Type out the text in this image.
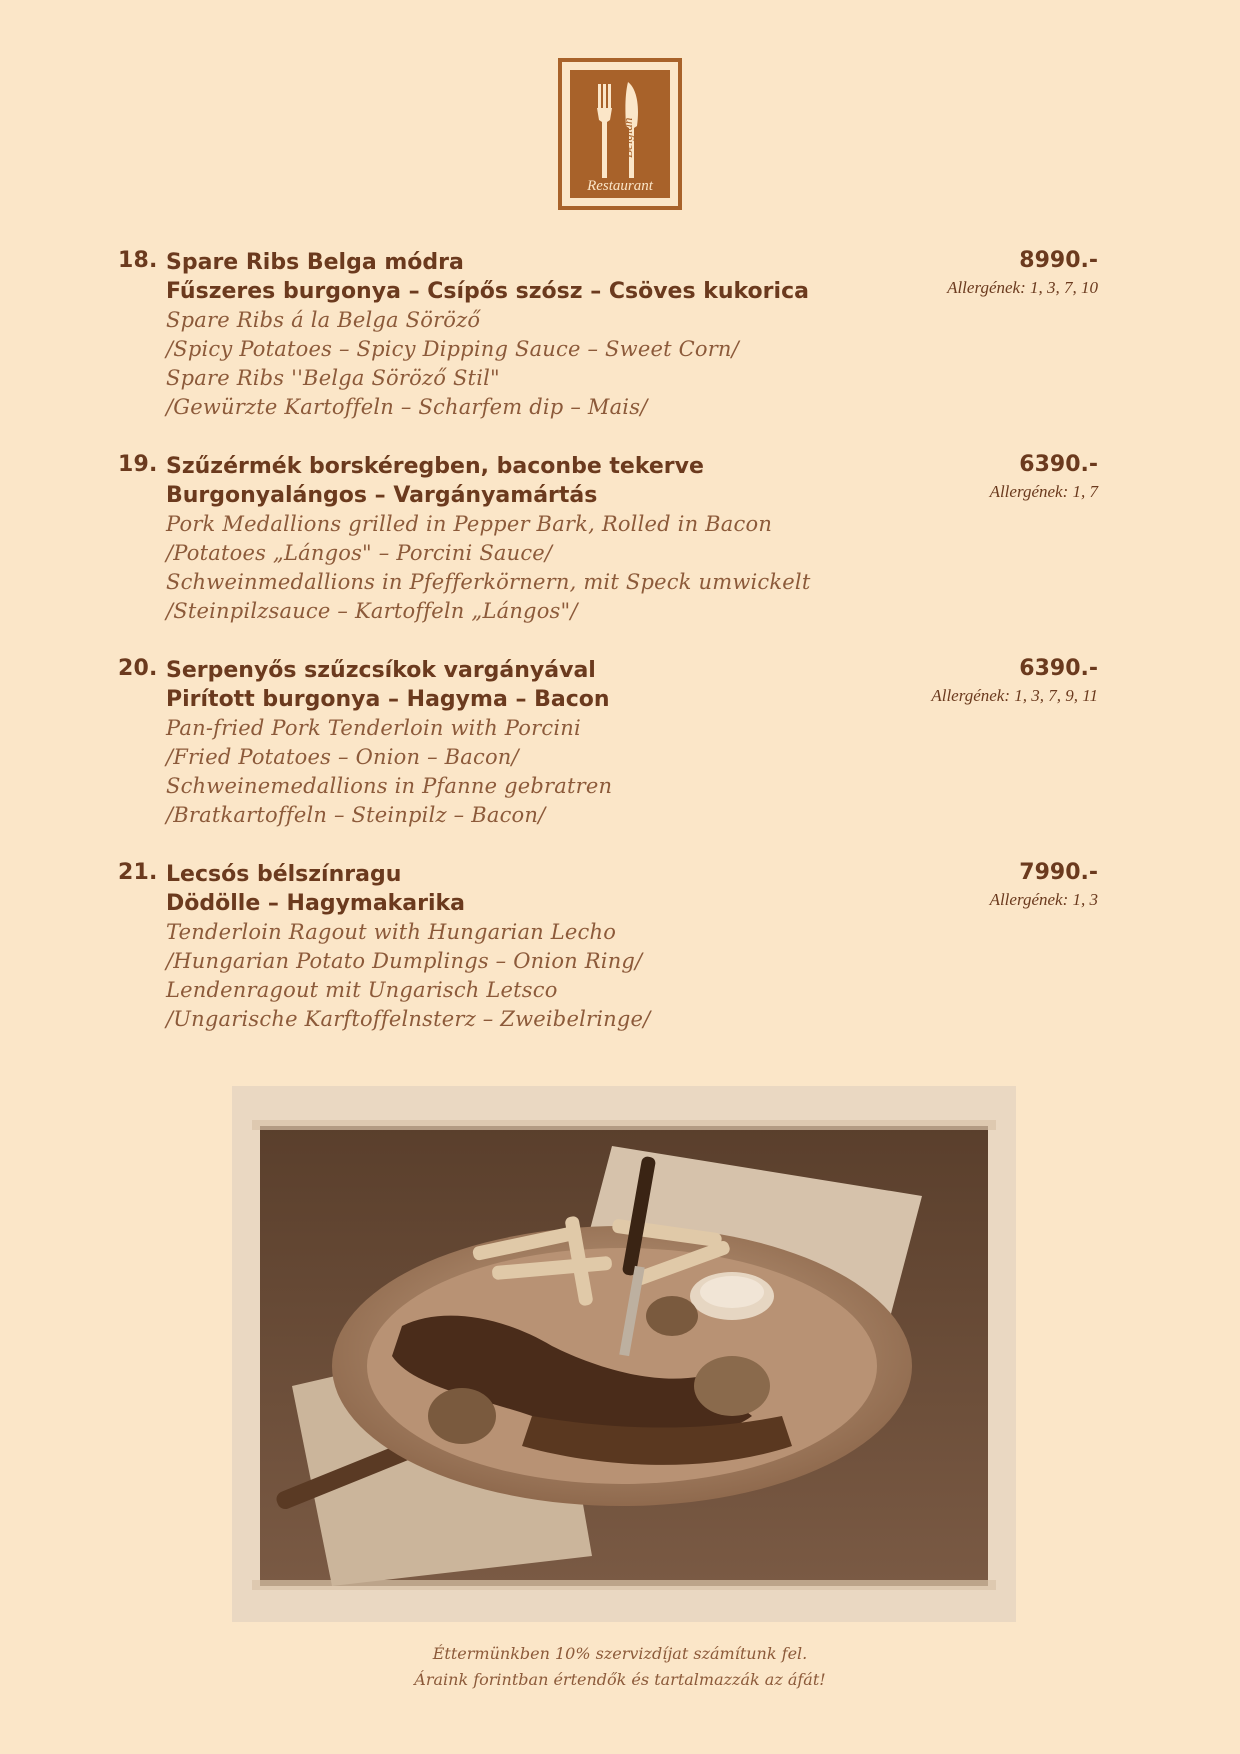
Restaurant
Belgian
18. Spare Ribs Belga módra
Fűszeres burgonya – Csípős szósz – Csöves kukorica
Spare Ribs á la Belga Söröző
/Spicy Potatoes – Spicy Dipping Sauce – Sweet Corn/
Spare Ribs ''Belga Söröző Stil"
/Gewürzte Kartoffeln – Scharfem dip – Mais/
8990.-
Allergének: 1, 3, 7, 10
19. Szűzérmék borskéregben, baconbe tekerve
Burgonyalángos – Vargányamártás
Pork Medallions grilled in Pepper Bark, Rolled in Bacon
/Potatoes „Lángos" – Porcini Sauce/
Schweinmedallions in Pfefferkörnern, mit Speck umwickelt
/Steinpilzsauce – Kartoffeln „Lángos"/
6390.-
Allergének: 1, 7
20. Serpenyős szűzcsíkok vargányával
Pirított burgonya – Hagyma – Bacon
Pan-fried Pork Tenderloin with Porcini
/Fried Potatoes – Onion – Bacon/
Schweinemedallions in Pfanne gebratren
/Bratkartoffeln – Steinpilz – Bacon/
6390.-
Allergének: 1, 3, 7, 9, 11
21. Lecsós bélszínragu
Dödölle – Hagymakarika
Tenderloin Ragout with Hungarian Lecho
/Hungarian Potato Dumplings – Onion Ring/
Lendenragout mit Ungarisch Letsco
/Ungarische Karftoffelnsterz – Zweibelringe/
7990.-
Allergének: 1, 3
Éttermünkben 10% szervizdíjat számítunk fel.
Áraink forintban értendők és tartalmazzák az áfát!
